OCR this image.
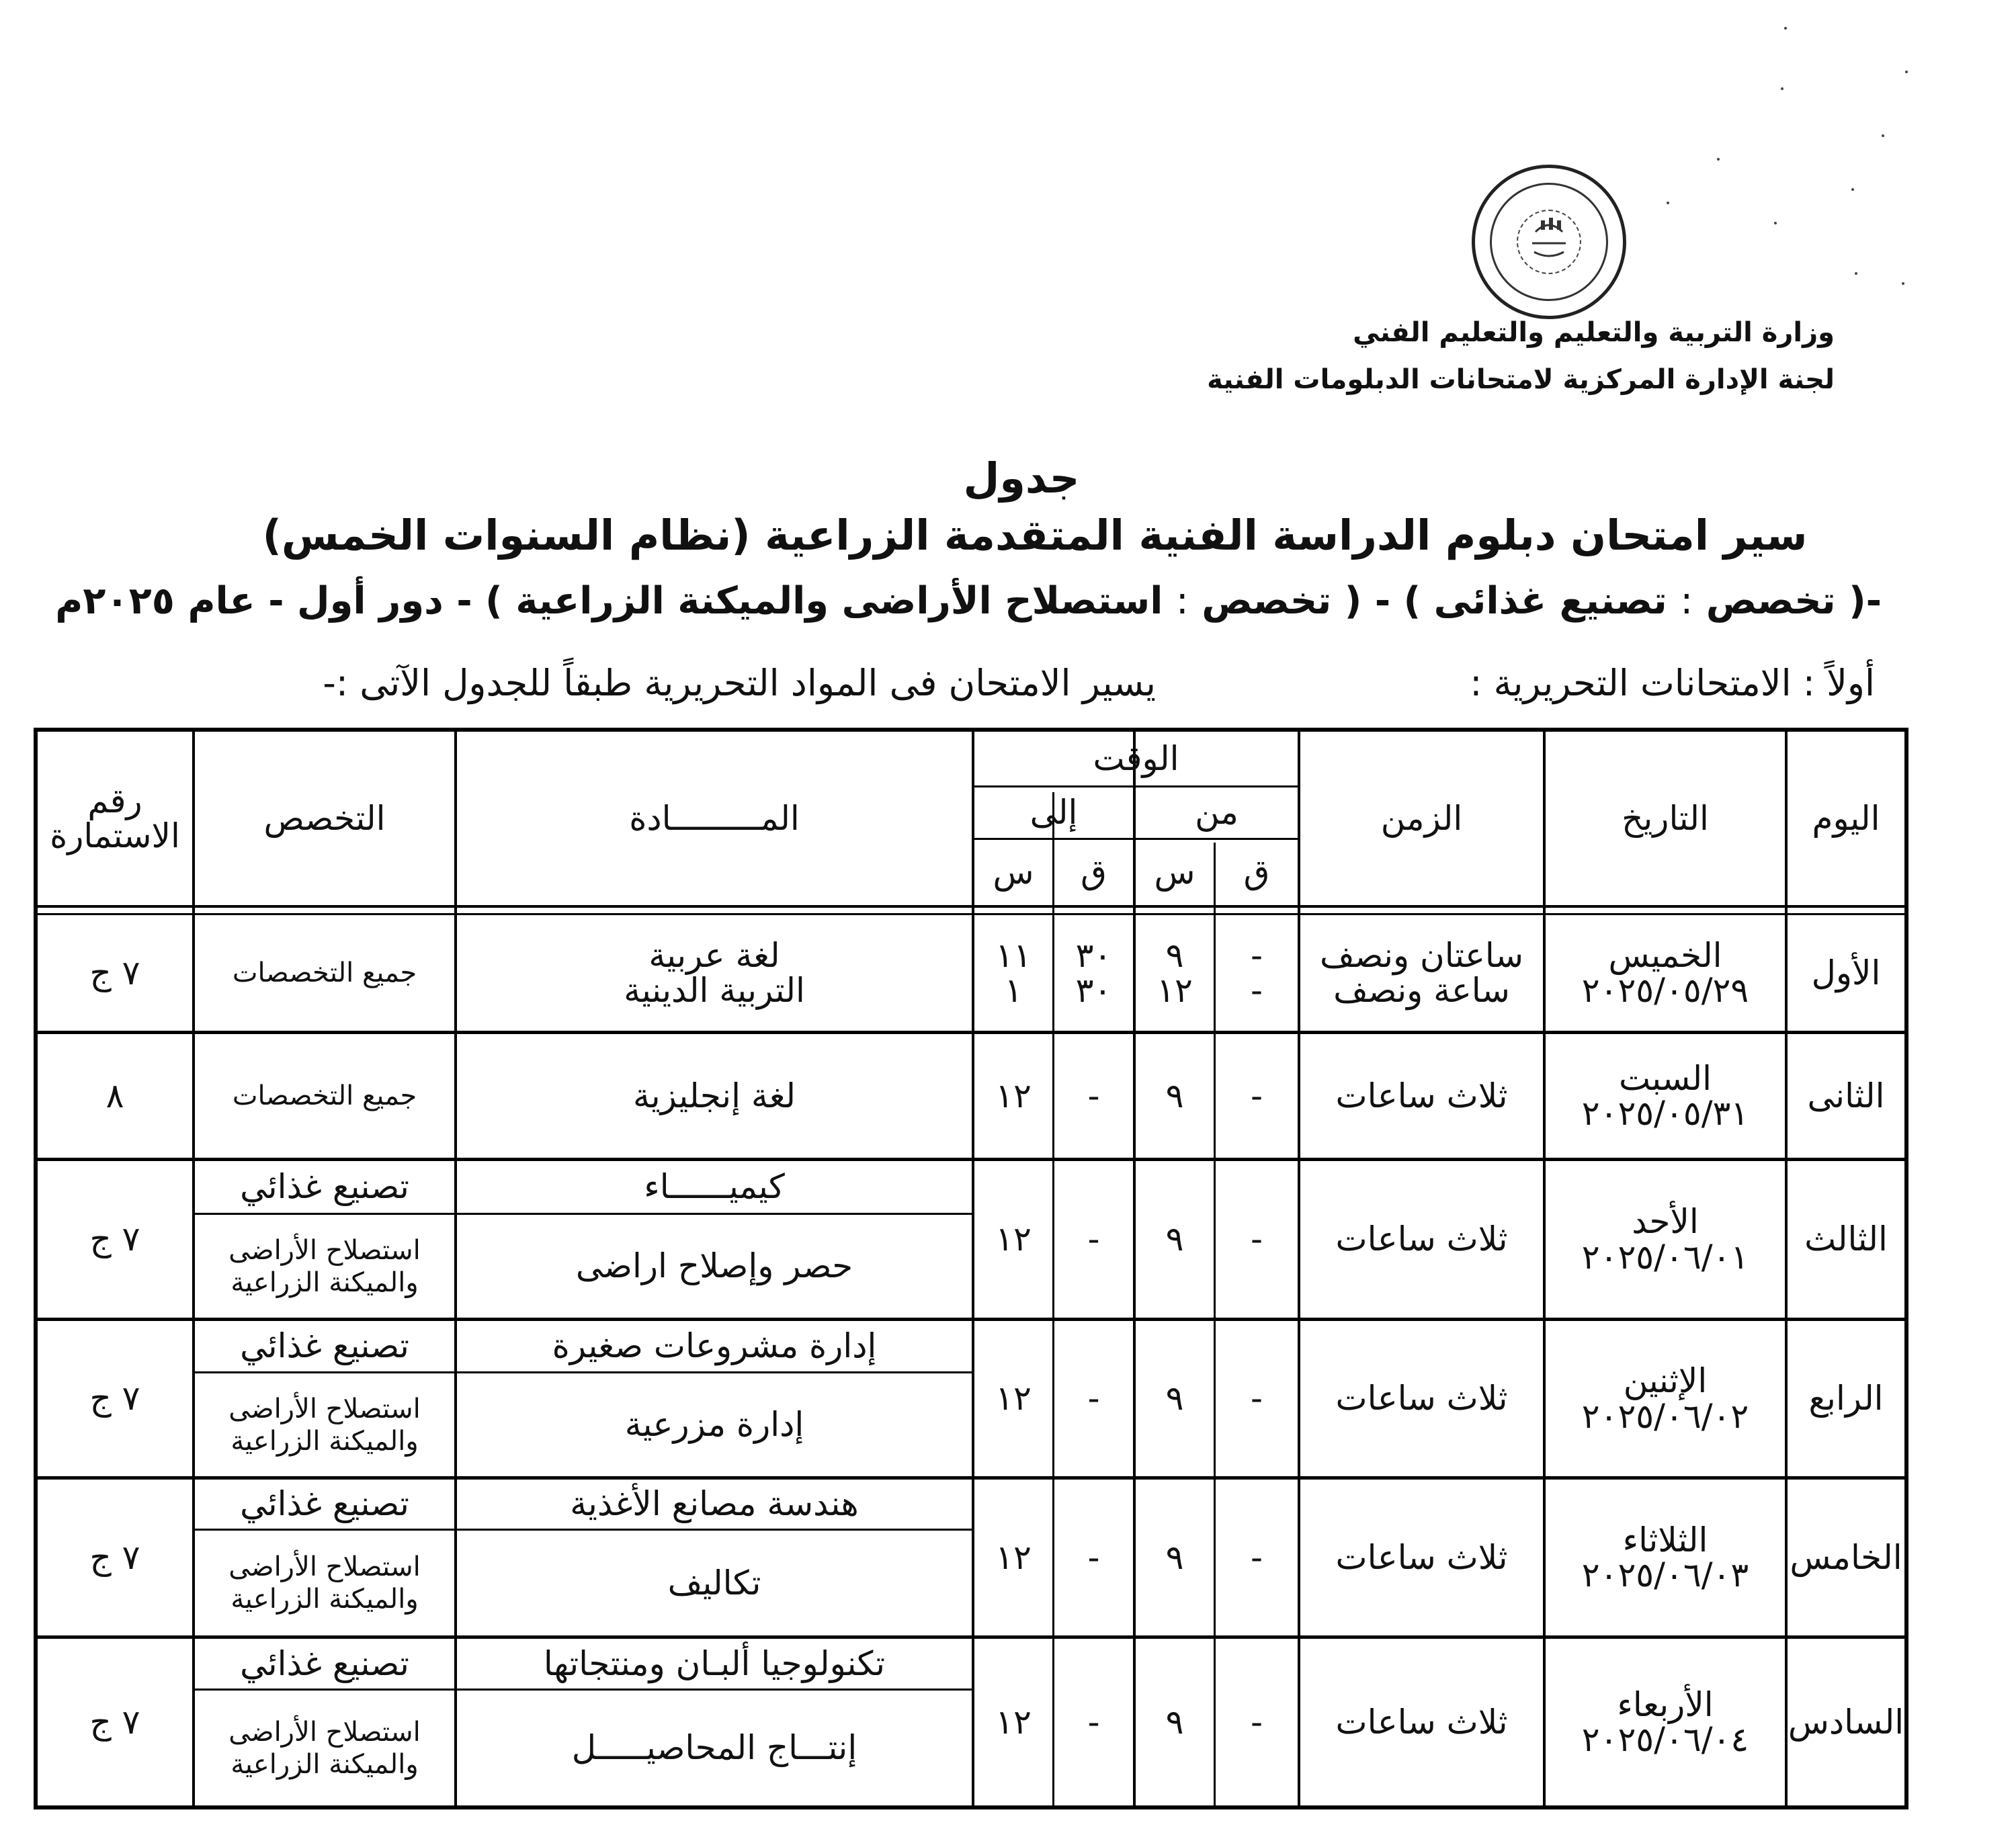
وزارة التربية والتعليم والتعليم الفني
لجنة الإدارة المركزية لامتحانات الدبلومات الفنية
جدول
سير امتحان دبلوم الدراسة الفنية المتقدمة الزراعية (نظام السنوات الخمس)
-( تخصص : تصنيع غذائى ) - ( تخصص : استصلاح الأراضى والميكنة الزراعية ) - دور أول - عام ٢٠٢٥م
أولاً : الامتحانات التحريرية :
يسير الامتحان فى المواد التحريرية طبقاً للجدول الآتى :-
اليوم
التاريخ
الزمن
الوقت
من
إلى
ق
س
ق
س
المـــــــــادة
التخصص
رقم
الاستمارة
الأول
الخميس
٢٠٢٥/٠٥/٢٩
ساعتان ونصف
ساعة ونصف
-
-
٩
١٢
٣٠
٣٠
١١
١
لغة عربية
التربية الدينية
جميع التخصصات
٧ ج
الثانى
السبت
٢٠٢٥/٠٥/٣١
ثلاث ساعات
-
٩
-
١٢
لغة إنجليزية
جميع التخصصات
٨
الثالث
الأحد
٢٠٢٥/٠٦/٠١
ثلاث ساعات
-
٩
-
١٢
كيميــــــاء
حصر وإصلاح اراضى
تصنيع غذائي
استصلاح الأراضى والميكنة الزراعية
٧ ج
الرابع
الإثنين
٢٠٢٥/٠٦/٠٢
ثلاث ساعات
-
٩
-
١٢
إدارة مشروعات صغيرة
إدارة مزرعية
تصنيع غذائي
استصلاح الأراضى والميكنة الزراعية
٧ ج
الخامس
الثلاثاء
٢٠٢٥/٠٦/٠٣
ثلاث ساعات
-
٩
-
١٢
هندسة مصانع الأغذية
تكاليف
تصنيع غذائي
استصلاح الأراضى والميكنة الزراعية
٧ ج
السادس
الأربعاء
٢٠٢٥/٠٦/٠٤
ثلاث ساعات
-
٩
-
١٢
تكنولوجيا ألبـان ومنتجاتها
إنتـــاج المحاصيـــــل
تصنيع غذائي
استصلاح الأراضى والميكنة الزراعية
٧ ج
